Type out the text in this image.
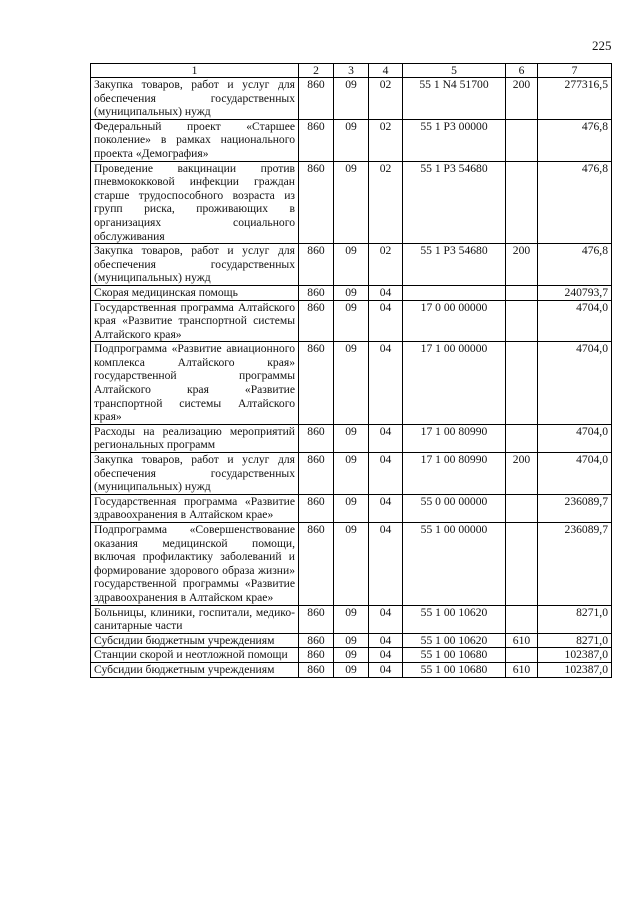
225
1	2	3	4	5	6	7
Закупка товаров, работ и услуг для обеспечения государственных (муниципальных) нужд	860	09	02	55 1 N4 51700	200	277316,5
Федеральный проект «Старшее поколение» в рамках национального проекта «Демография»	860	09	02	55 1 P3 00000		476,8
Проведение вакцинации против пневмококковой инфекции граждан старше трудоспособного возраста из групп риска, проживающих в организациях социального обслуживания	860	09	02	55 1 P3 54680		476,8
Закупка товаров, работ и услуг для обеспечения государственных (муниципальных) нужд	860	09	02	55 1 P3 54680	200	476,8
Скорая медицинская помощь	860	09	04			240793,7
Государственная программа Алтайского края «Развитие транспортной системы Алтайского края»	860	09	04	17 0 00 00000		4704,0
Подпрограмма «Развитие авиационного комплекса Алтайского края» государственной программы Алтайского края «Развитие транспортной системы Алтайского края»	860	09	04	17 1 00 00000		4704,0
Расходы на реализацию мероприятий региональных программ	860	09	04	17 1 00 80990		4704,0
Закупка товаров, работ и услуг для обеспечения государственных (муниципальных) нужд	860	09	04	17 1 00 80990	200	4704,0
Государственная программа «Развитие здравоохранения в Алтайском крае»	860	09	04	55 0 00 00000		236089,7
Подпрограмма «Совершенствование оказания медицинской помощи, включая профилактику заболеваний и формирование здорового образа жизни» государственной программы «Развитие здравоохранения в Алтайском крае»	860	09	04	55 1 00 00000		236089,7
Больницы, клиники, госпитали, медико-санитарные части	860	09	04	55 1 00 10620		8271,0
Субсидии бюджетным учреждениям	860	09	04	55 1 00 10620	610	8271,0
Станции скорой и неотложной помощи	860	09	04	55 1 00 10680		102387,0
Субсидии бюджетным учреждениям	860	09	04	55 1 00 10680	610	102387,0
